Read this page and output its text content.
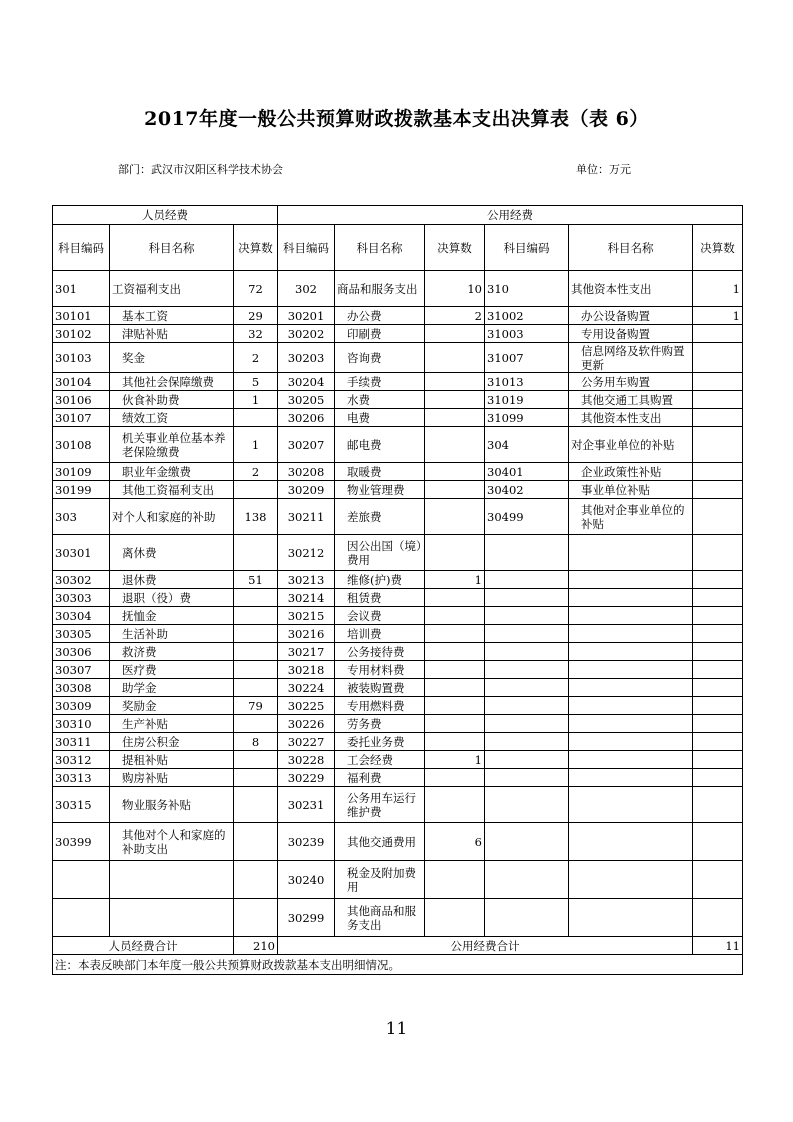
2017年度一般公共预算财政拨款基本支出决算表（表 6）
部门：武汉市汉阳区科学技术协会	单位：万元
人员经费			公用经费					
科目编码	科目名称	决算数	科目编码	科目名称	决算数	科目编码	科目名称	决算数
301	工资福利支出	72	302	商品和服务支出	10	310	其他资本性支出	1
30101	基本工资	29	30201	办公费	2	31002	办公设备购置	1
30102	津贴补贴	32	30202	印刷费		31003	专用设备购置	
30103	奖金	2	30203	咨询费		31007	信息网络及软件购置更新	
30104	其他社会保障缴费	5	30204	手续费		31013	公务用车购置	
30106	伙食补助费	1	30205	水费		31019	其他交通工具购置	
30107	绩效工资		30206	电费		31099	其他资本性支出	
30108	机关事业单位基本养老保险缴费	1	30207	邮电费		304	对企事业单位的补贴	
30109	职业年金缴费	2	30208	取暖费		30401	企业政策性补贴	
30199	其他工资福利支出		30209	物业管理费		30402	事业单位补贴	
303	对个人和家庭的补助	138	30211	差旅费		30499	其他对企事业单位的补贴	
30301	离休费		30212	因公出国（境）费用				
30302	退休费	51	30213	维修(护)费	1			
30303	退职（役）费		30214	租赁费				
30304	抚恤金		30215	会议费				
30305	生活补助		30216	培训费				
30306	救济费		30217	公务接待费				
30307	医疗费		30218	专用材料费				
30308	助学金		30224	被装购置费				
30309	奖励金	79	30225	专用燃料费				
30310	生产补贴		30226	劳务费				
30311	住房公积金	8	30227	委托业务费				
30312	提租补贴		30228	工会经费	1			
30313	购房补贴		30229	福利费				
30315	物业服务补贴		30231	公务用车运行维护费				
30399	其他对个人和家庭的补助支出		30239	其他交通费用	6			
			30240	税金及附加费用				
			30299	其他商品和服务支出				
人员经费合计		210	公用经费合计					11
注：本表反映部门本年度一般公共预算财政拨款基本支出明细情况。								
11
